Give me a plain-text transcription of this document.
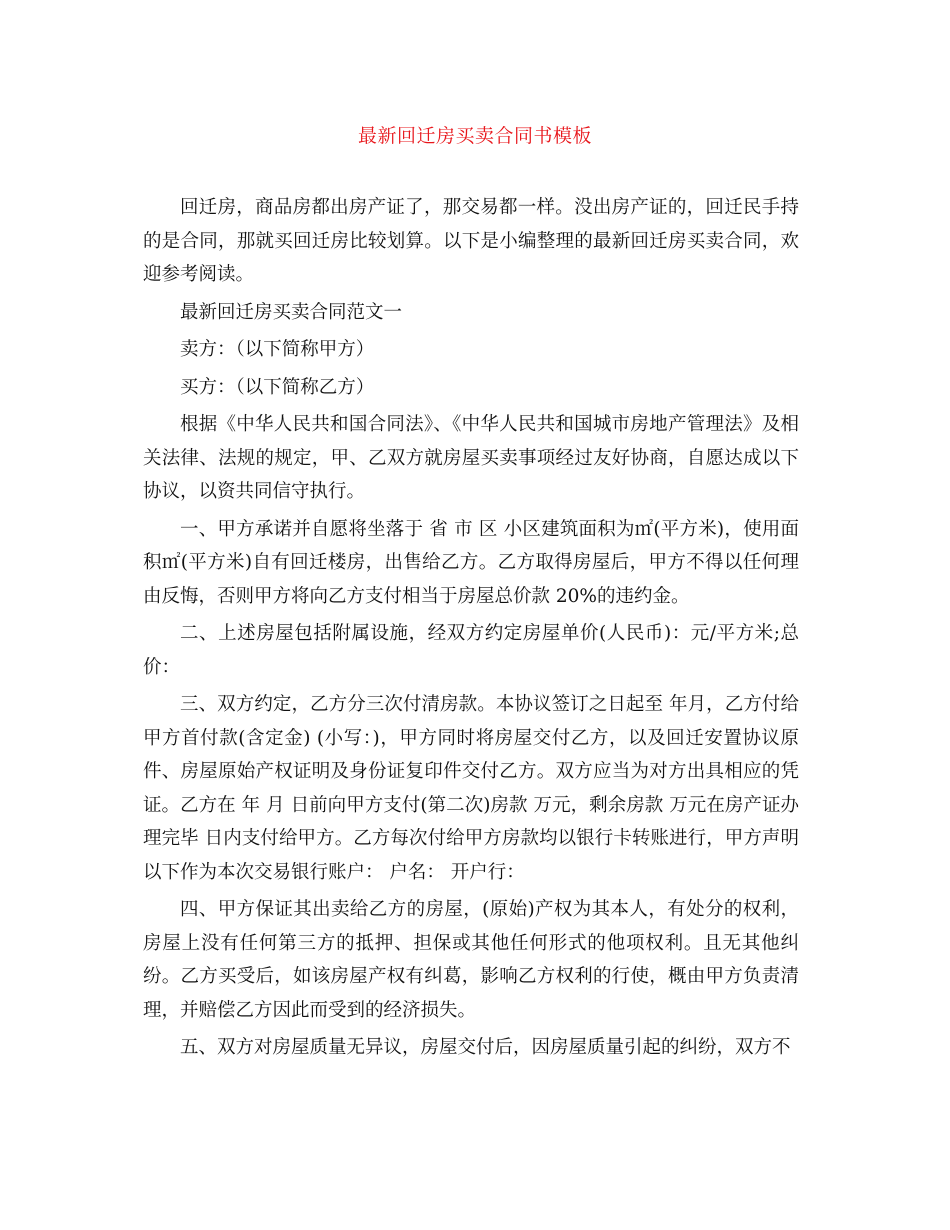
最新回迁房买卖合同书模板

回迁房，商品房都出房产证了，那交易都一样。没出房产证的，回迁民手持的是合同，那就买回迁房比较划算。以下是小编整理的最新回迁房买卖合同，欢迎参考阅读。

最新回迁房买卖合同范文一

卖方：（以下简称甲方）

买方：（以下简称乙方）

根据《中华人民共和国合同法》、《中华人民共和国城市房地产管理法》及相关法律、法规的规定，甲、乙双方就房屋买卖事项经过友好协商，自愿达成以下协议，以资共同信守执行。

一、甲方承诺并自愿将坐落于 省 市 区 小区建筑面积为㎡(平方米)，使用面积㎡(平方米)自有回迁楼房，出售给乙方。乙方取得房屋后，甲方不得以任何理由反悔，否则甲方将向乙方支付相当于房屋总价款 20%的违约金。

二、上述房屋包括附属设施，经双方约定房屋单价(人民币)：元/平方米;总价：

三、双方约定，乙方分三次付清房款。本协议签订之日起至 年月，乙方付给甲方首付款(含定金) (小写：)，甲方同时将房屋交付乙方，以及回迁安置协议原件、房屋原始产权证明及身份证复印件交付乙方。双方应当为对方出具相应的凭证。乙方在 年 月 日前向甲方支付(第二次)房款 万元，剩余房款 万元在房产证办理完毕 日内支付给甲方。乙方每次付给甲方房款均以银行卡转账进行，甲方声明以下作为本次交易银行账户： 户名： 开户行：

四、甲方保证其出卖给乙方的房屋，(原始)产权为其本人，有处分的权利，房屋上没有任何第三方的抵押、担保或其他任何形式的他项权利。且无其他纠纷。乙方买受后，如该房屋产权有纠葛，影响乙方权利的行使，概由甲方负责清理，并赔偿乙方因此而受到的经济损失。

五、双方对房屋质量无异议，房屋交付后，因房屋质量引起的纠纷，双方不
